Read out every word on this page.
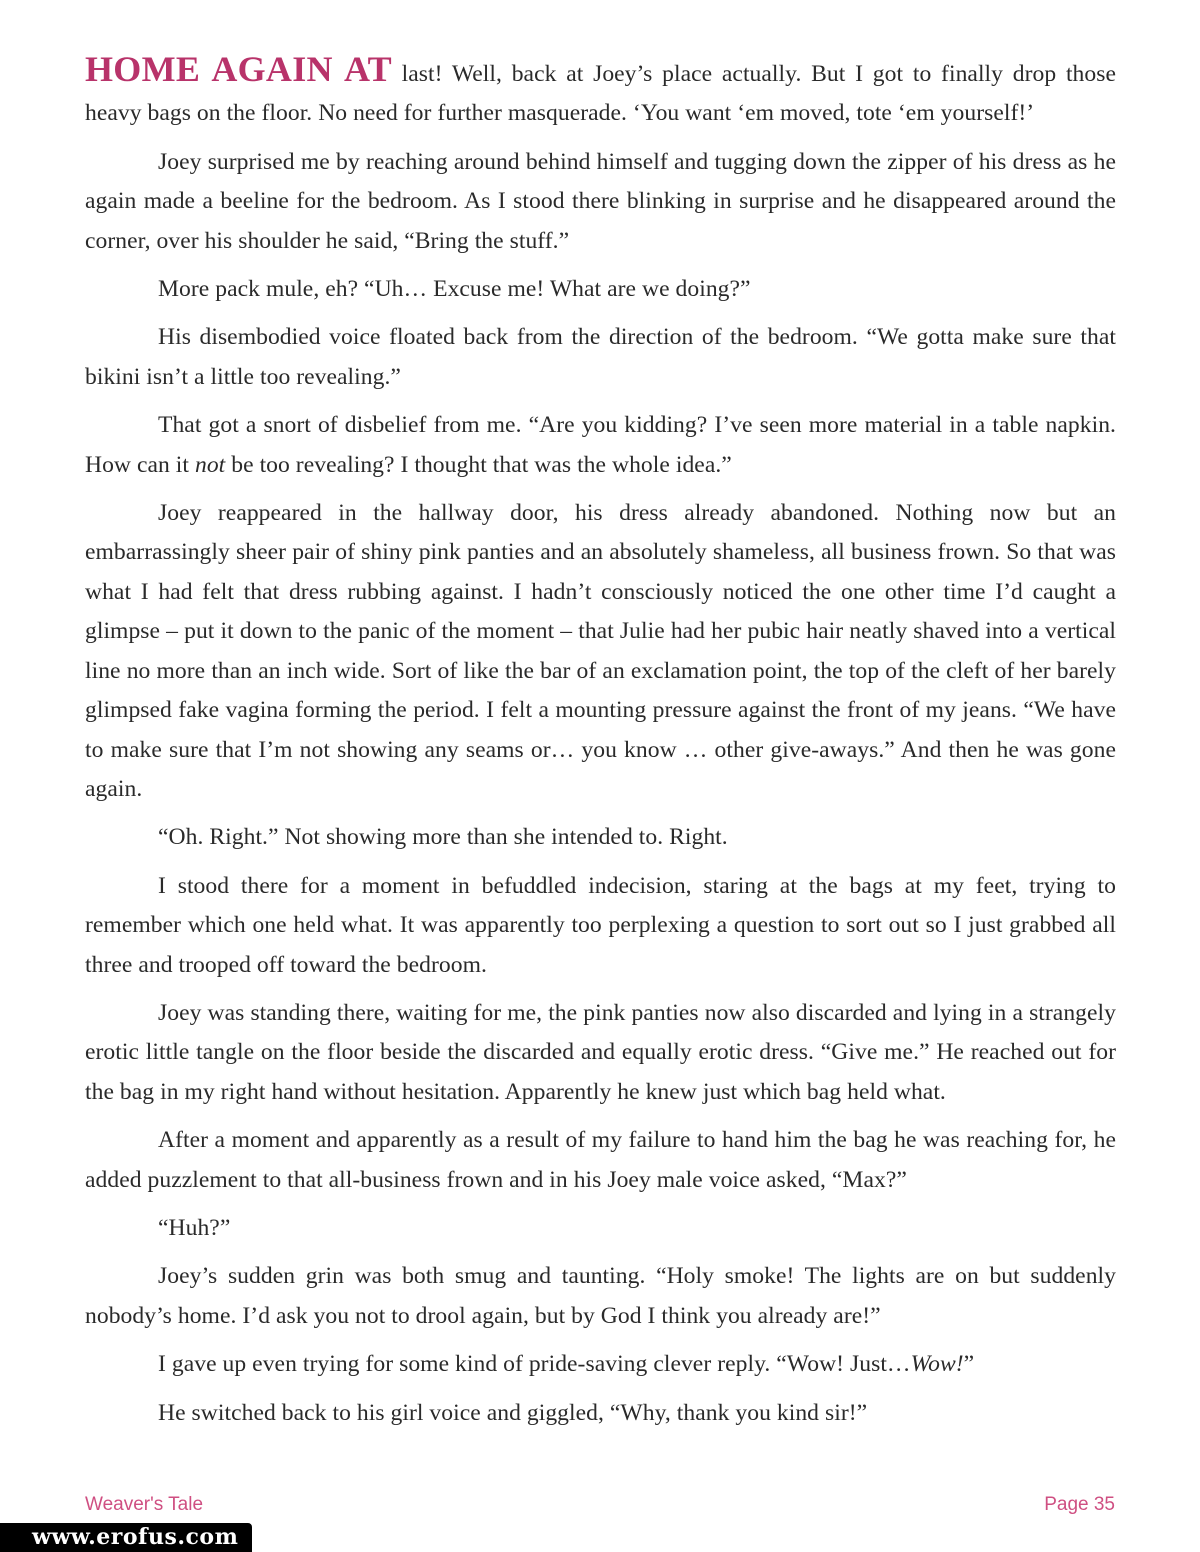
HOME AGAIN AT last! Well, back at Joey’s place actually. But I got to finally drop those heavy bags on the floor. No need for further masquerade. ‘You want ‘em moved, tote ‘em yourself!’

Joey surprised me by reaching around behind himself and tugging down the zipper of his dress as he again made a beeline for the bedroom. As I stood there blinking in surprise and he disappeared around the corner, over his shoulder he said, “Bring the stuff.”

More pack mule, eh? “Uh… Excuse me! What are we doing?”

His disembodied voice floated back from the direction of the bedroom. “We gotta make sure that bikini isn’t a little too revealing.”

That got a snort of disbelief from me. “Are you kidding? I’ve seen more material in a table napkin. How can it not be too revealing? I thought that was the whole idea.”

Joey reappeared in the hallway door, his dress already abandoned. Nothing now but an embarrassingly sheer pair of shiny pink panties and an absolutely shameless, all business frown. So that was what I had felt that dress rubbing against. I hadn’t consciously noticed the one other time I’d caught a glimpse – put it down to the panic of the moment – that Julie had her pubic hair neatly shaved into a vertical line no more than an inch wide. Sort of like the bar of an exclamation point, the top of the cleft of her barely glimpsed fake vagina forming the period. I felt a mounting pressure against the front of my jeans. “We have to make sure that I’m not showing any seams or… you know … other give-aways.” And then he was gone again.

“Oh. Right.” Not showing more than she intended to. Right.

I stood there for a moment in befuddled indecision, staring at the bags at my feet, trying to remember which one held what. It was apparently too perplexing a question to sort out so I just grabbed all three and trooped off toward the bedroom.

Joey was standing there, waiting for me, the pink panties now also discarded and lying in a strangely erotic little tangle on the floor beside the discarded and equally erotic dress. “Give me.” He reached out for the bag in my right hand without hesitation. Apparently he knew just which bag held what.

After a moment and apparently as a result of my failure to hand him the bag he was reaching for, he added puzzlement to that all-business frown and in his Joey male voice asked, “Max?”

“Huh?”

Joey’s sudden grin was both smug and taunting. “Holy smoke! The lights are on but suddenly nobody’s home. I’d ask you not to drool again, but by God I think you already are!”

I gave up even trying for some kind of pride-saving clever reply. “Wow! Just…Wow!”

He switched back to his girl voice and giggled, “Why, thank you kind sir!”

Weaver's Tale	Page 35
www.erofus.com
